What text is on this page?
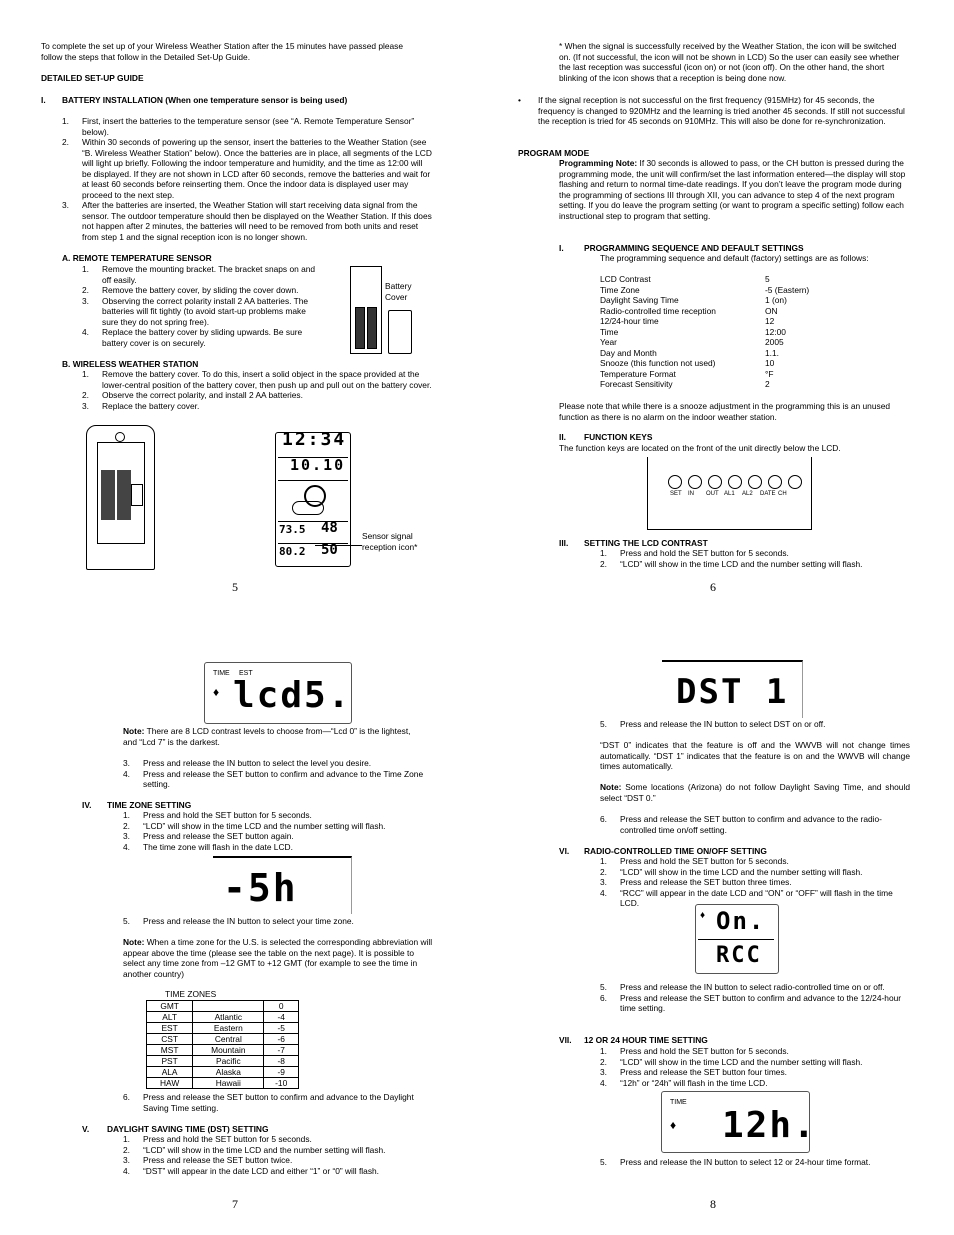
To complete the set up of your Wireless Weather Station after the 15 minutes have passed please follow the steps that follow in the Detailed Set-Up Guide.
DETAILED SET-UP GUIDE
I. BATTERY INSTALLATION (When one temperature sensor is being used)
1. First, insert the batteries to the temperature sensor (see “A. Remote Temperature Sensor” below).
2. Within 30 seconds of powering up the sensor, insert the batteries to the Weather Station (see “B. Wireless Weather Station” below). Once the batteries are in place, all segments of the LCD will light up briefly. Following the indoor temperature and humidity, and the time as 12:00 will be displayed. If they are not shown in LCD after 60 seconds, remove the batteries and wait for at least 60 seconds before reinserting them. Once the indoor data is displayed user may proceed to the next step.
3. After the batteries are inserted, the Weather Station will start receiving data signal from the sensor. The outdoor temperature should then be displayed on the Weather Station. If this does not happen after 2 minutes, the batteries will need to be removed from both units and reset from step 1 and the signal reception icon is no longer shown.
A. REMOTE TEMPERATURE SENSOR
1. Remove the mounting bracket. The bracket snaps on and off easily.
2. Remove the battery cover, by sliding the cover down.
3. Observing the correct polarity install 2 AA batteries. The batteries will fit tightly (to avoid start-up problems make sure they do not spring free).
4. Replace the battery cover by sliding upwards. Be sure battery cover is on securely.
Battery Cover
B. WIRELESS WEATHER STATION
1. Remove the battery cover. To do this, insert a solid object in the space provided at the lower-central position of the battery cover, then push up and pull out on the battery cover.
2. Observe the correct polarity, and install 2 AA batteries.
3. Replace the battery cover.
12:34
10.10
73.5 48
80.2 50
Sensor signal reception icon*
5
* When the signal is successfully received by the Weather Station, the icon will be switched on. (If not successful, the icon will not be shown in LCD) So the user can easily see whether the last reception was successful (icon on) or not (icon off). On the other hand, the short blinking of the icon shows that a reception is being done now.
• If the signal reception is not successful on the first frequency (915MHz) for 45 seconds, the frequency is changed to 920MHz and the learning is tried another 45 seconds. If still not successful the reception is tried for 45 seconds on 910MHz. This will also be done for re-synchronization.
PROGRAM MODE
Programming Note: If 30 seconds is allowed to pass, or the CH button is pressed during the programming mode, the unit will confirm/set the last information entered—the display will stop flashing and return to normal time-date readings. If you don’t leave the program mode during the programming of sections III through XII, you can advance to step 4 of the next program setting. If you do leave the program setting (or want to program a specific setting) follow each instructional step to program that setting.
I. PROGRAMMING SEQUENCE AND DEFAULT SETTINGS
The programming sequence and default (factory) settings are as follows:
LCD Contrast	5
Time Zone	-5 (Eastern)
Daylight Saving Time	1 (on)
Radio-controlled time reception	ON
12/24-hour time	12
Time	12:00
Year	2005
Day and Month	1.1.
Snooze (this function not used)	10
Temperature Format	°F
Forecast Sensitivity	2
Please note that while there is a snooze adjustment in the programming this is an unused function as there is no alarm on the indoor weather station.
II. FUNCTION KEYS
The function keys are located on the front of the unit directly below the LCD.
SET	IN	OUT AL1	AL2	DATE CH
III. SETTING THE LCD CONTRAST
1. Press and hold the SET button for 5 seconds.
2. “LCD” will show in the time LCD and the number setting will flash.
6
TIME EST
♦ lcd5.
Note: There are 8 LCD contrast levels to choose from—“Lcd 0” is the lightest, and “Lcd 7” is the darkest.
3. Press and release the IN button to select the level you desire.
4. Press and release the SET button to confirm and advance to the Time Zone setting.
IV. TIME ZONE SETTING
1. Press and hold the SET button for 5 seconds.
2. “LCD” will show in the time LCD and the number setting will flash.
3. Press and release the SET button again.
4. The time zone will flash in the date LCD.
-5h
5. Press and release the IN button to select your time zone.
Note: When a time zone for the U.S. is selected the corresponding abbreviation will appear above the time (please see the table on the next page). It is possible to select any time zone from –12 GMT to +12 GMT (for example to see the time in another country)
TIME ZONES
GMT		0
ALT	Atlantic	-4
EST	Eastern	-5
CST	Central	-6
MST	Mountain	-7
PST	Pacific	-8
ALA	Alaska	-9
HAW	Hawaii	-10
6. Press and release the SET button to confirm and advance to the Daylight Saving Time setting.
V. DAYLIGHT SAVING TIME (DST) SETTING
1. Press and hold the SET button for 5 seconds.
2. “LCD” will show in the time LCD and the number setting will flash.
3. Press and release the SET button twice.
4. “DST” will appear in the date LCD and either “1” or “0” will flash.
7
DST 1
5. Press and release the IN button to select DST on or off.
“DST 0” indicates that the feature is off and the WWVB will not change times automatically. “DST 1” indicates that the feature is on and the WWVB will change times automatically.
Note: Some locations (Arizona) do not follow Daylight Saving Time, and should select “DST 0.”
6. Press and release the SET button to confirm and advance to the radio-controlled time on/off setting.
VI. RADIO-CONTROLLED TIME ON/OFF SETTING
1. Press and hold the SET button for 5 seconds.
2. “LCD” will show in the time LCD and the number setting will flash.
3. Press and release the SET button three times.
4. “RCC” will appear in the date LCD and “ON” or “OFF” will flash in the time LCD.
♦ On.
RCC
5. Press and release the IN button to select radio-controlled time on or off.
6. Press and release the SET button to confirm and advance to the 12/24-hour time setting.
VII. 12 OR 24 HOUR TIME SETTING
1. Press and hold the SET button for 5 seconds.
2. “LCD” will show in the time LCD and the number setting will flash.
3. Press and release the SET button four times.
4. “12h” or “24h” will flash in the time LCD.
TIME
♦ 12h.
5. Press and release the IN button to select 12 or 24-hour time format.
8
